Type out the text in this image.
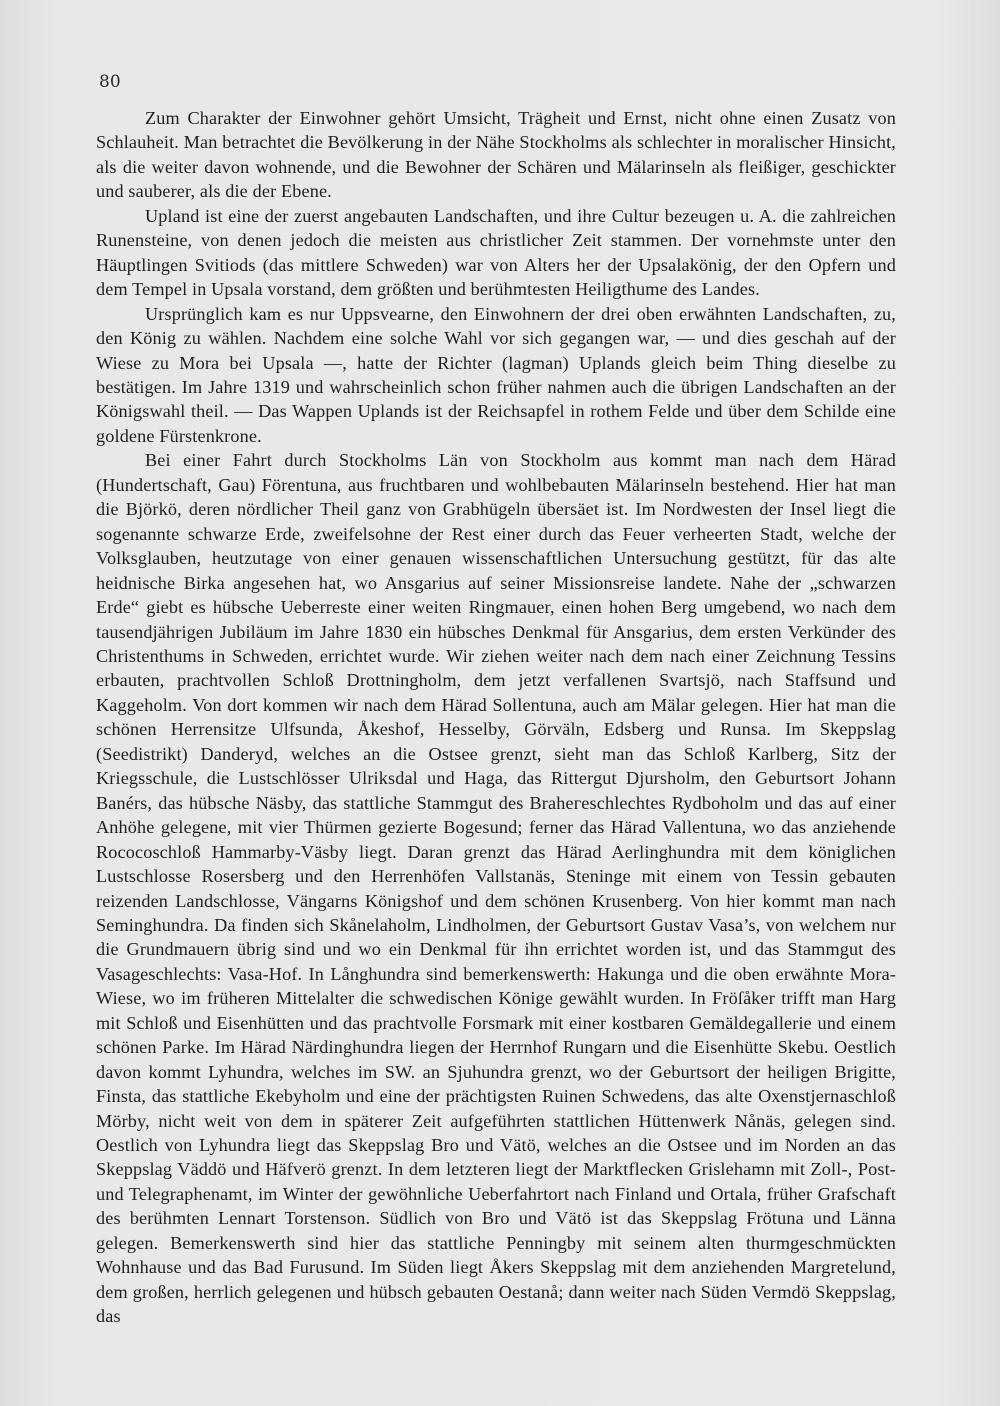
80

Zum Charakter der Einwohner gehört Umsicht, Trägheit und Ernst, nicht ohne einen Zusatz von Schlauheit. Man betrachtet die Bevölkerung in der Nähe Stockholms als schlechter in moralischer Hinsicht, als die weiter davon wohnende, und die Bewohner der Schären und Mälarinseln als fleißiger, geschickter und sauberer, als die der Ebene.

Upland ist eine der zuerst angebauten Landschaften, und ihre Cultur bezeugen u. A. die zahlreichen Runensteine, von denen jedoch die meisten aus christlicher Zeit stammen. Der vornehmste unter den Häuptlingen Svitiods (das mittlere Schweden) war von Alters her der Upsalakönig, der den Opfern und dem Tempel in Upsala vorstand, dem größten und berühmtesten Heiligthume des Landes.

Ursprünglich kam es nur Uppsvearne, den Einwohnern der drei oben erwähnten Landschaften, zu, den König zu wählen. Nachdem eine solche Wahl vor sich gegangen war, — und dies geschah auf der Wiese zu Mora bei Upsala —, hatte der Richter (lagman) Uplands gleich beim Thing dieselbe zu bestätigen. Im Jahre 1319 und wahrscheinlich schon früher nahmen auch die übrigen Landschaften an der Königswahl theil. — Das Wappen Uplands ist der Reichsapfel in rothem Felde und über dem Schilde eine goldene Fürstenkrone.

Bei einer Fahrt durch Stockholms Län von Stockholm aus kommt man nach dem Härad (Hundertschaft, Gau) Förentuna, aus fruchtbaren und wohlbebauten Mälarinseln bestehend. Hier hat man die Björkö, deren nördlicher Theil ganz von Grabhügeln übersäet ist. Im Nordwesten der Insel liegt die sogenannte schwarze Erde, zweifelsohne der Rest einer durch das Feuer verheerten Stadt, welche der Volksglauben, heutzutage von einer genauen wissenschaftlichen Untersuchung gestützt, für das alte heidnische Birka angesehen hat, wo Ansgarius auf seiner Missionsreise landete. Nahe der „schwarzen Erde“ giebt es hübsche Ueberreste einer weiten Ringmauer, einen hohen Berg umgebend, wo nach dem tausendjährigen Jubiläum im Jahre 1830 ein hübsches Denkmal für Ansgarius, dem ersten Verkünder des Christenthums in Schweden, errichtet wurde. Wir ziehen weiter nach dem nach einer Zeichnung Tessins erbauten, prachtvollen Schloß Drottningholm, dem jetzt verfallenen Svartsjö, nach Staffsund und Kaggeholm. Von dort kommen wir nach dem Härad Sollentuna, auch am Mälar gelegen. Hier hat man die schönen Herrensitze Ulfsunda, Åkeshof, Hesselby, Görväln, Edsberg und Runsa. Im Skeppslag (Seedistrikt) Danderyd, welches an die Ostsee grenzt, sieht man das Schloß Karlberg, Sitz der Kriegsschule, die Lustschlösser Ulriksdal und Haga, das Rittergut Djursholm, den Geburtsort Johann Banérs, das hübsche Näsby, das stattliche Stammgut des Braheгeschlechtes Rydboholm und das auf einer Anhöhe gelegene, mit vier Thürmen gezierte Bogesund; ferner das Härad Vallentuna, wo das anziehende Rococoschloß Hammarby-Väsby liegt. Daran grenzt das Härad Aerlinghundra mit dem königlichen Lustschlosse Rosersberg und den Herrenhöfen Vallstanäs, Steninge mit einem von Tessin gebauten reizenden Landschlosse, Vängarns Königshof und dem schönen Krusenberg. Von hier kommt man nach Seminghundra. Da finden sich Skånelaholm, Lindholmen, der Geburtsort Gustav Vasa’s, von welchem nur die Grundmauern übrig sind und wo ein Denkmal für ihn errichtet worden ist, und das Stammgut des Vasageschlechts: Vasa-Hof. In Långhundra sind bemerkenswerth: Hakunga und die oben erwähnte Mora-Wiese, wo im früheren Mittelalter die schwedischen Könige gewählt wurden. In Fröſåker trifft man Harg mit Schloß und Eisenhütten und das prachtvolle Forsmark mit einer kostbaren Gemäldegallerie und einem schönen Parke. Im Härad Närdinghundra liegen der Herrnhof Rungarn und die Eisenhütte Skebu. Oestlich davon kommt Lyhundra, welches im SW. an Sjuhundra grenzt, wo der Geburtsort der heiligen Brigitte, Finsta, das stattliche Ekebyholm und eine der prächtigsten Ruinen Schwedens, das alte Oxenstjernaschloß Mörby, nicht weit von dem in späterer Zeit aufgeführten stattlichen Hüttenwerk Nånäs, gelegen sind. Oestlich von Lyhundra liegt das Skeppslag Bro und Vätö, welches an die Ostsee und im Norden an das Skeppslag Väddö und Häfverö grenzt. In dem letzteren liegt der Marktflecken Grislehamn mit Zoll-, Post- und Telegraphenamt, im Winter der gewöhnliche Ueberfahrtort nach Finland und Ortala, früher Grafschaft des berühmten Lennart Torstenson. Südlich von Bro und Vätö ist das Skeppslag Frötuna und Länna gelegen. Bemerkenswerth sind hier das stattliche Penningby mit seinem alten thurmgeschmückten Wohnhause und das Bad Furusund. Im Süden liegt Åkers Skeppslag mit dem anziehenden Margretelund, dem großen, herrlich gelegenen und hübsch gebauten Oestanå; dann weiter nach Süden Vermdö Skeppslag, das
